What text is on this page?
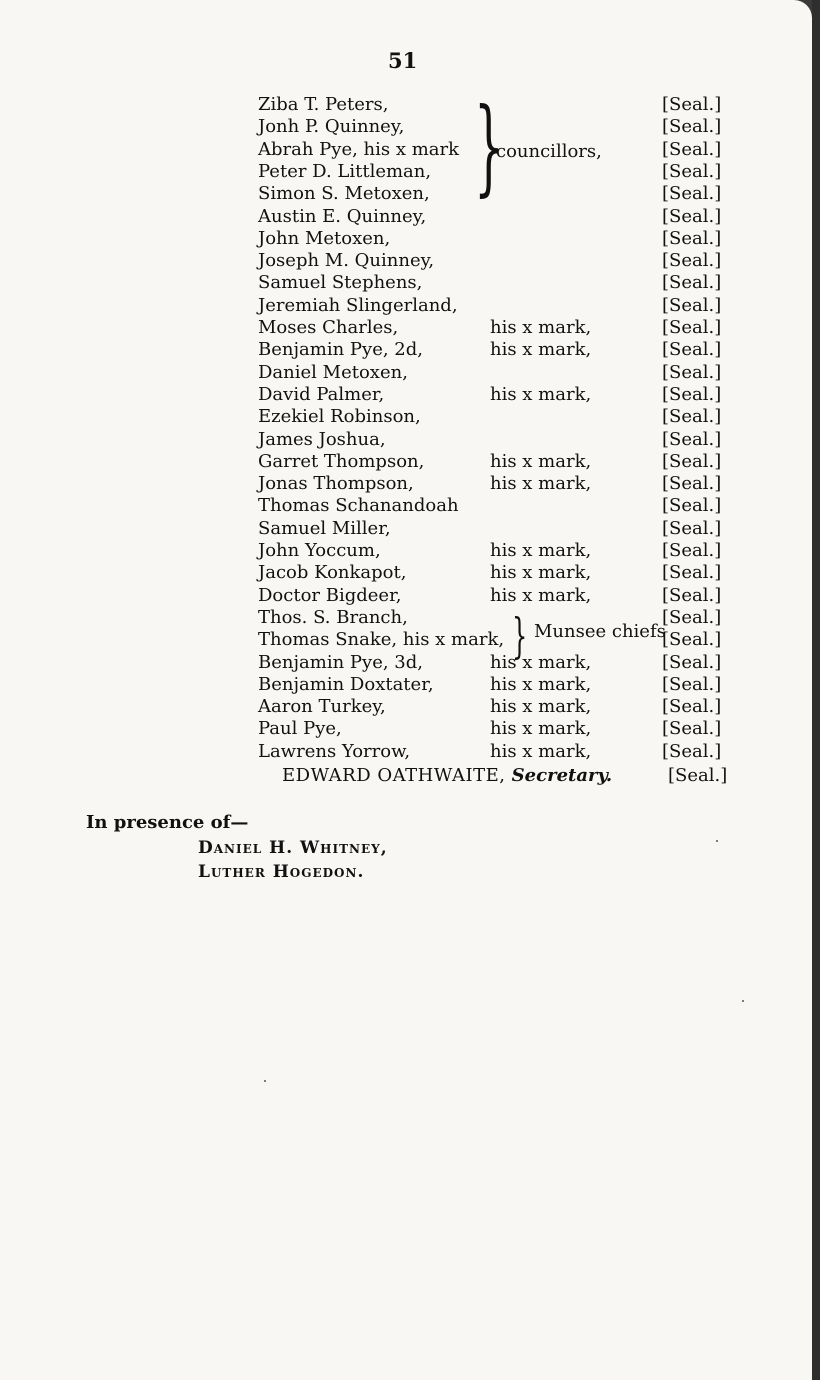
51
Ziba T. Peters,	[Seal.]
Jonh P. Quinney,	[Seal.]
Abrah Pye, his x mark	[Seal.]
Peter D. Littleman,	[Seal.]
Simon S. Metoxen,	[Seal.]
Austin E. Quinney,	[Seal.]
John Metoxen,	[Seal.]
Joseph M. Quinney,	[Seal.]
Samuel Stephens,	[Seal.]
Jeremiah Slingerland,	[Seal.]
Moses Charles,	his x mark,	[Seal.]
Benjamin Pye, 2d,	his x mark,	[Seal.]
Daniel Metoxen,	[Seal.]
David Palmer,	his x mark,	[Seal.]
Ezekiel Robinson,	[Seal.]
James Joshua,	[Seal.]
Garret Thompson,	his x mark,	[Seal.]
Jonas Thompson,	his x mark,	[Seal.]
Thomas Schanandoah	[Seal.]
Samuel Miller,	[Seal.]
John Yoccum,	his x mark,	[Seal.]
Jacob Konkapot,	his x mark,	[Seal.]
Doctor Bigdeer,	his x mark,	[Seal.]
Thos. S. Branch,	[Seal.]
Thomas Snake, his x mark,	[Seal.]
Benjamin Pye, 3d,	his x mark,	[Seal.]
Benjamin Doxtater,	his x mark,	[Seal.]
Aaron Turkey,	his x mark,	[Seal.]
Paul Pye,	his x mark,	[Seal.]
Lawrens Yorrow,	his x mark,	[Seal.]
}
councillors,
} Munsee chiefs
EDWARD OATHWAITE, Secretary.	[Seal.]
In presence of—
Daniel H. Whitney,
Luther Hogedon.
